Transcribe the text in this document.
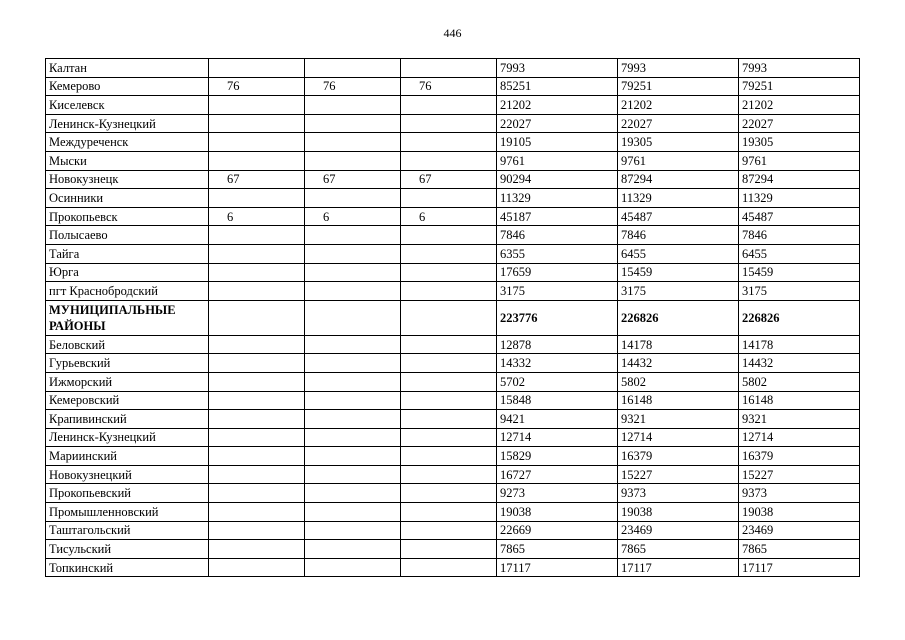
446
Калтан				7993	7993	7993
Кемерово	76	76	76	85251	79251	79251
Киселевск				21202	21202	21202
Ленинск-Кузнецкий				22027	22027	22027
Междуреченск				19105	19305	19305
Мыски				9761	9761	9761
Новокузнецк	67	67	67	90294	87294	87294
Осинники				11329	11329	11329
Прокопьевск	6	6	6	45187	45487	45487
Полысаево				7846	7846	7846
Тайга				6355	6455	6455
Юрга				17659	15459	15459
пгт Краснобродский				3175	3175	3175
МУНИЦИПАЛЬНЫЕ РАЙОНЫ				223776	226826	226826
Беловский				12878	14178	14178
Гурьевский				14332	14432	14432
Ижморский				5702	5802	5802
Кемеровский				15848	16148	16148
Крапивинский				9421	9321	9321
Ленинск-Кузнецкий				12714	12714	12714
Мариинский				15829	16379	16379
Новокузнецкий				16727	15227	15227
Прокопьевский				9273	9373	9373
Промышленновский				19038	19038	19038
Таштагольский				22669	23469	23469
Тисульский				7865	7865	7865
Топкинский				17117	17117	17117
